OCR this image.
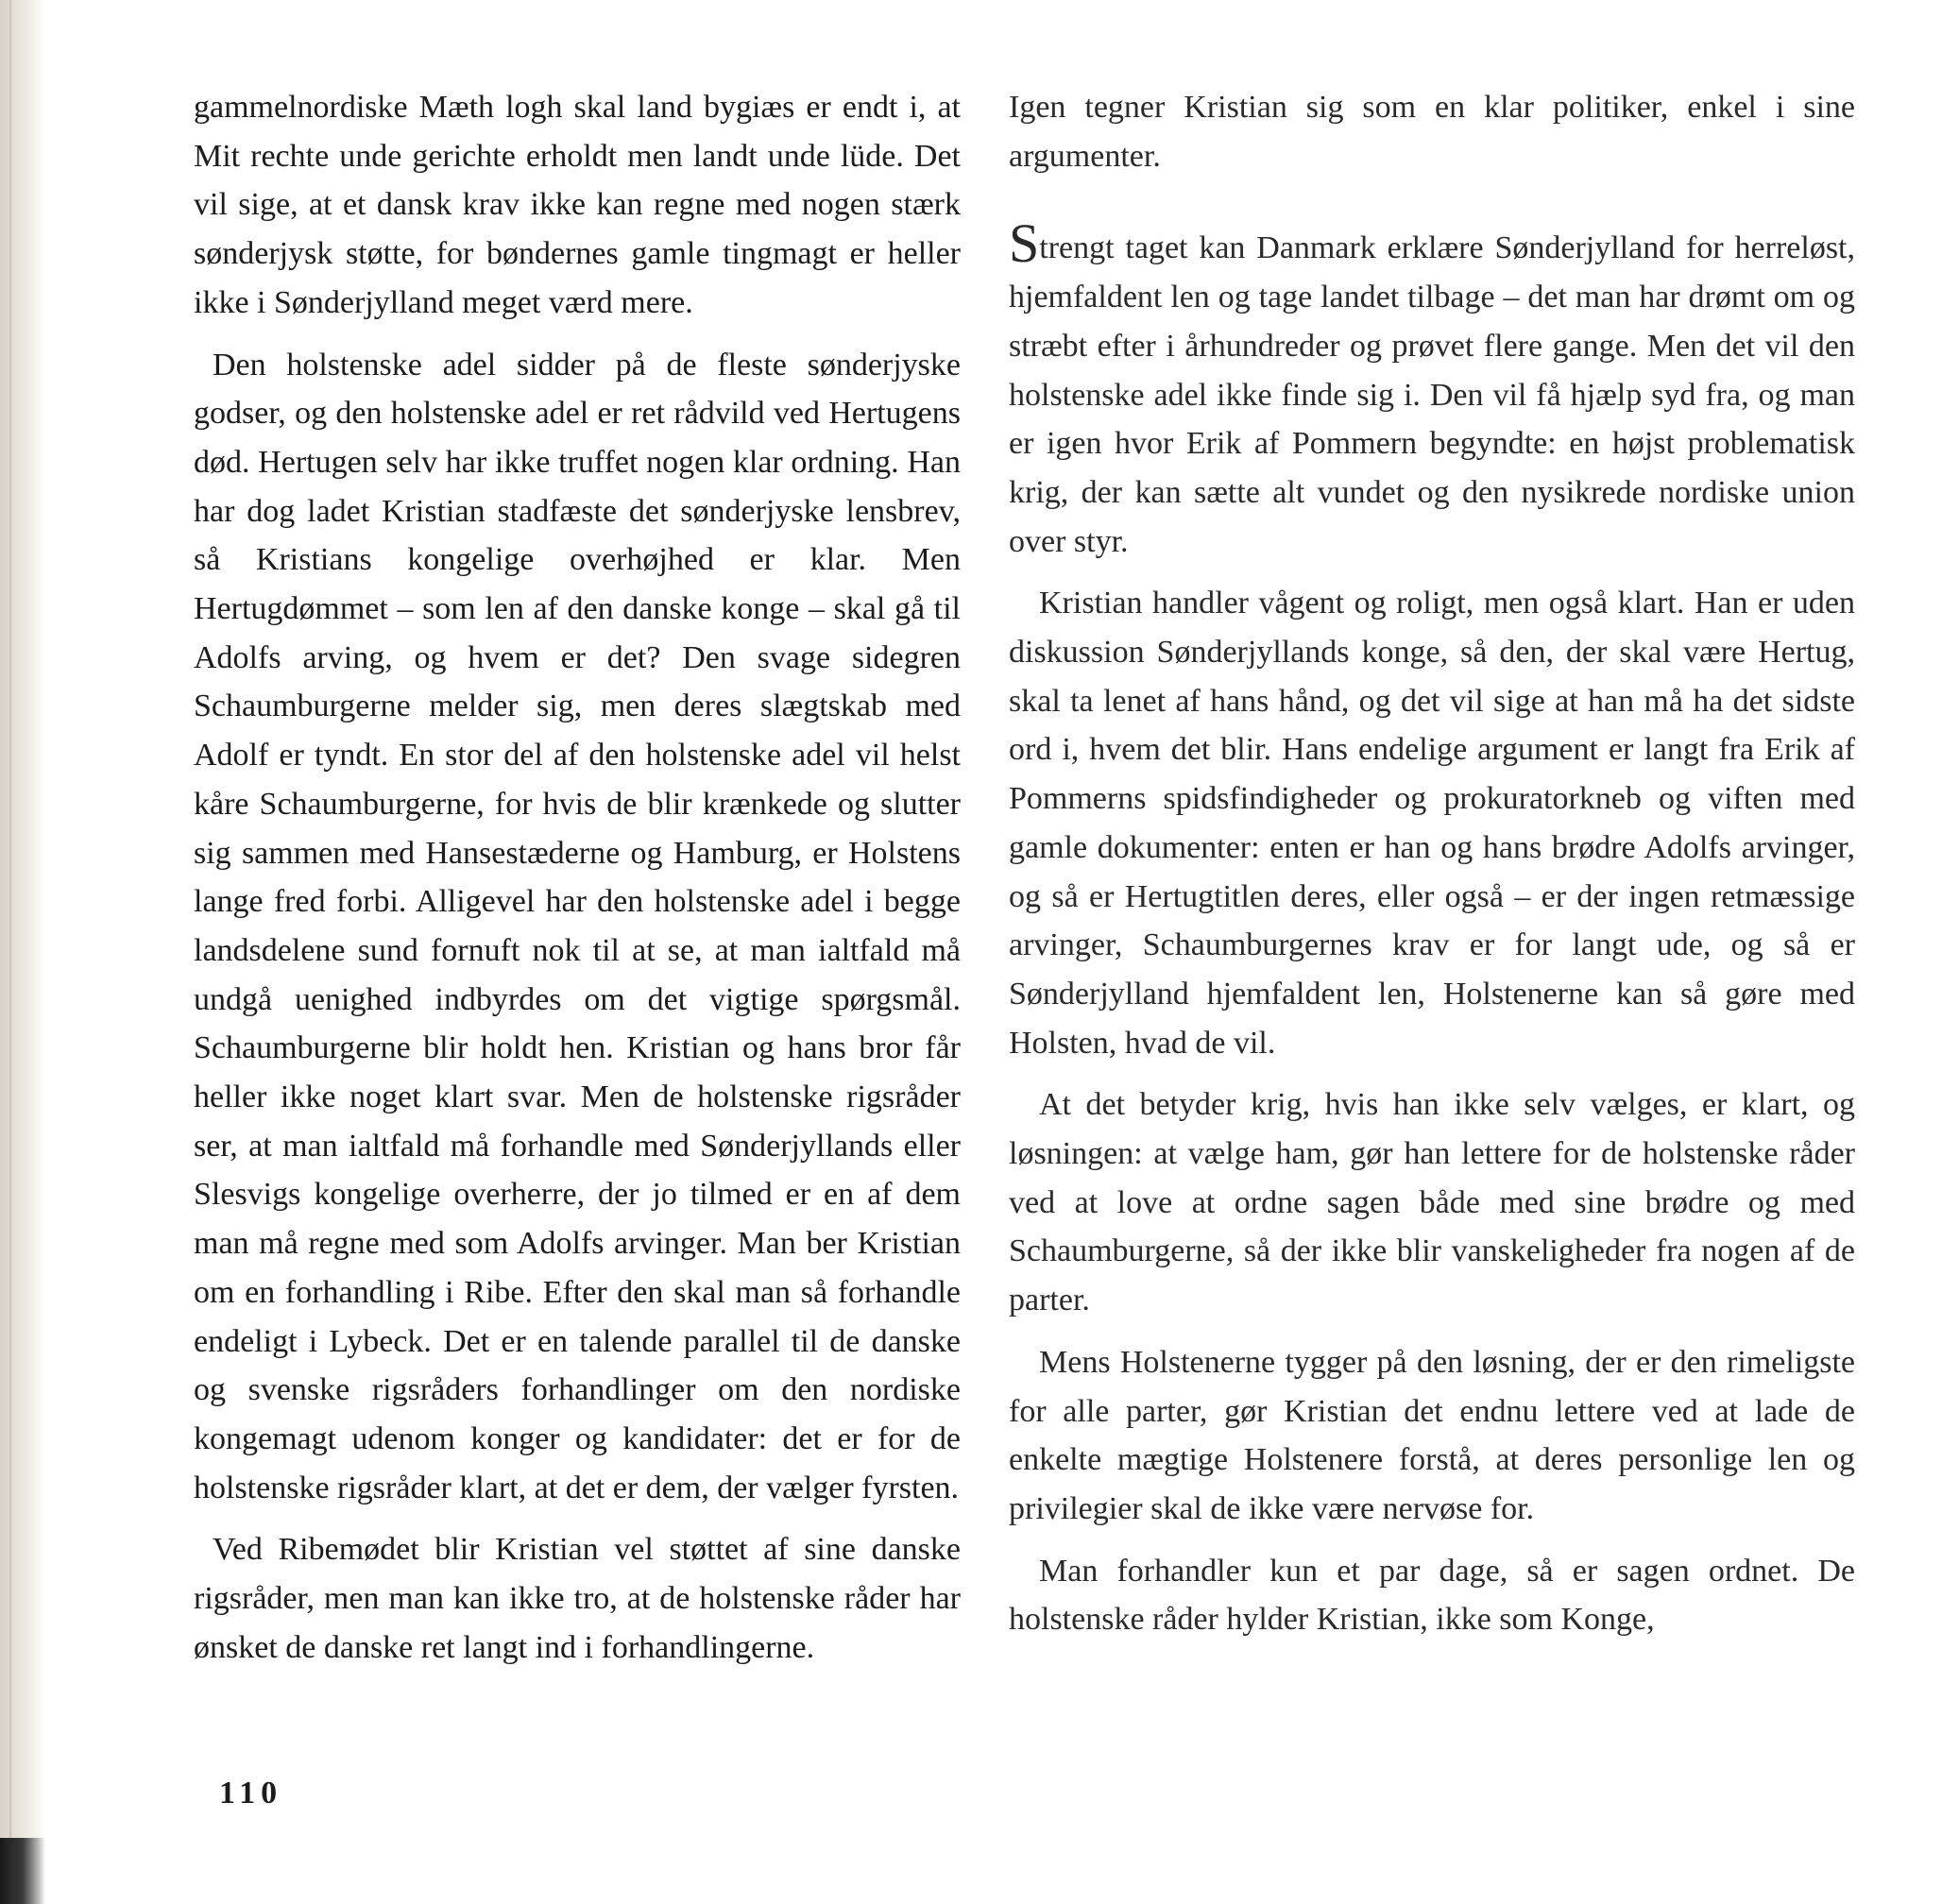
gammelnordiske Mæth logh skal land bygiæs er endt i, at Mit rechte unde gerichte erholdt men landt unde lüde. Det vil sige, at et dansk krav ikke kan regne med nogen stærk sønderjysk støtte, for bøndernes gamle tingmagt er heller ikke i Sønderjylland meget værd mere.

Den holstenske adel sidder på de fleste sønderjyske godser, og den holstenske adel er ret rådvild ved Hertugens død. Hertugen selv har ikke truffet nogen klar ordning. Han har dog ladet Kristian stadfæste det sønderjyske lensbrev, så Kristians kongelige overhøjhed er klar. Men Hertugdømmet – som len af den danske konge – skal gå til Adolfs arving, og hvem er det? Den svage sidegren Schaumburgerne melder sig, men deres slægtskab med Adolf er tyndt. En stor del af den holstenske adel vil helst kåre Schaumburgerne, for hvis de blir krænkede og slutter sig sammen med Hansestæderne og Hamburg, er Holstens lange fred forbi. Alligevel har den holstenske adel i begge landsdelene sund fornuft nok til at se, at man ialtfald må undgå uenighed indbyrdes om det vigtige spørgsmål. Schaumburgerne blir holdt hen. Kristian og hans bror får heller ikke noget klart svar. Men de holstenske rigsråder ser, at man ialtfald må forhandle med Sønderjyllands eller Slesvigs kongelige overherre, der jo tilmed er en af dem man må regne med som Adolfs arvinger. Man ber Kristian om en forhandling i Ribe. Efter den skal man så forhandle endeligt i Lybeck. Det er en talende parallel til de danske og svenske rigsråders forhandlinger om den nordiske kongemagt udenom konger og kandidater: det er for de holstenske rigsråder klart, at det er dem, der vælger fyrsten.

Ved Ribemødet blir Kristian vel støttet af sine danske rigsråder, men man kan ikke tro, at de holstenske råder har ønsket de danske ret langt ind i forhandlingerne.

Igen tegner Kristian sig som en klar politiker, enkel i sine argumenter.

Strengt taget kan Danmark erklære Sønderjylland for herreløst, hjemfaldent len og tage landet tilbage – det man har drømt om og stræbt efter i århundreder og prøvet flere gange. Men det vil den holstenske adel ikke finde sig i. Den vil få hjælp syd fra, og man er igen hvor Erik af Pommern begyndte: en højst problematisk krig, der kan sætte alt vundet og den nysikrede nordiske union over styr.

Kristian handler vågent og roligt, men også klart. Han er uden diskussion Sønderjyllands konge, så den, der skal være Hertug, skal ta lenet af hans hånd, og det vil sige at han må ha det sidste ord i, hvem det blir. Hans endelige argument er langt fra Erik af Pommerns spidsfindigheder og prokuratorkneb og viften med gamle dokumenter: enten er han og hans brødre Adolfs arvinger, og så er Hertugtitlen deres, eller også – er der ingen retmæssige arvinger, Schaumburgernes krav er for langt ude, og så er Sønderjylland hjemfaldent len, Holstenerne kan så gøre med Holsten, hvad de vil.

At det betyder krig, hvis han ikke selv vælges, er klart, og løsningen: at vælge ham, gør han lettere for de holstenske råder ved at love at ordne sagen både med sine brødre og med Schaumburgerne, så der ikke blir vanskeligheder fra nogen af de parter.

Mens Holstenerne tygger på den løsning, der er den rimeligste for alle parter, gør Kristian det endnu lettere ved at lade de enkelte mægtige Holstenere forstå, at deres personlige len og privilegier skal de ikke være nervøse for.

Man forhandler kun et par dage, så er sagen ordnet. De holstenske råder hylder Kristian, ikke som Konge,

110
